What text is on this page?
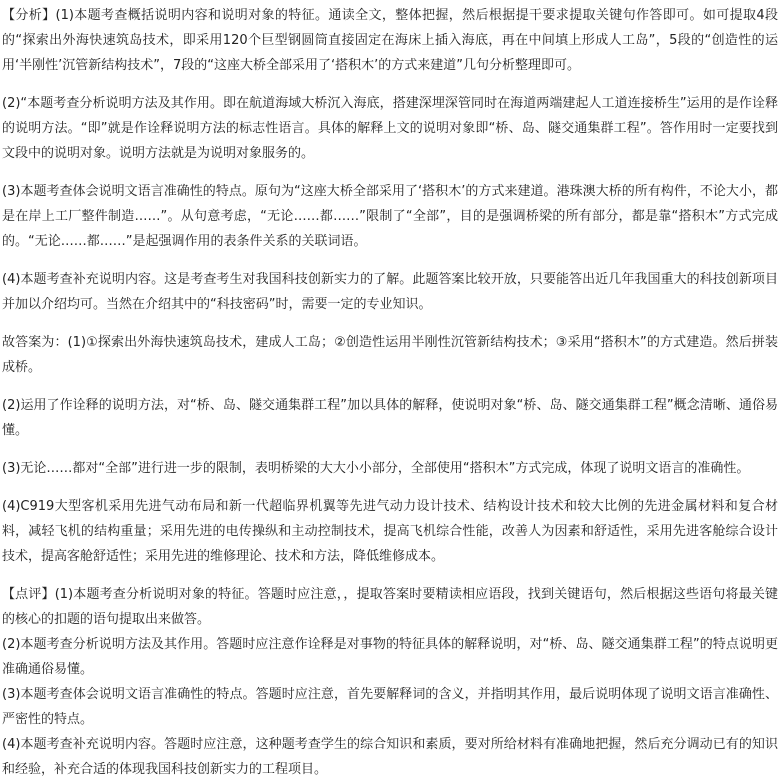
【分析】(1)本题考查概括说明内容和说明对象的特征。通读全文，整体把握，然后根据提干要求提取关键句作答即可。如可提取4段的“探索出外海快速筑岛技术，即采用120个巨型钢圆筒直接固定在海床上插入海底，再在中间填上形成人工岛”，5段的“创造性的运用‘半刚性’沉管新结构技术”，7段的“这座大桥全部采用了‘搭积木’的方式来建道”几句分析整理即可。

(2)“本题考查分析说明方法及其作用。即在航道海域大桥沉入海底，搭建深埋深管同时在海道两端建起人工道连接桥生”运用的是作诠释的说明方法。“即”就是作诠释说明方法的标志性语言。具体的解释上文的说明对象即“桥、岛、隧交通集群工程”。答作用时一定要找到文段中的说明对象。说明方法就是为说明对象服务的。

(3)本题考查体会说明文语言准确性的特点。原句为“这座大桥全部采用了‘搭积木’的方式来建道。港珠澳大桥的所有构件，不论大小，都是在岸上工厂整件制造……”。从句意考虑，“无论……都……”限制了“全部”，目的是强调桥梁的所有部分，都是靠“搭积木”方式完成的。“无论……都……”是起强调作用的表条件关系的关联词语。

(4)本题考查补充说明内容。这是考查考生对我国科技创新实力的了解。此题答案比较开放，只要能答出近几年我国重大的科技创新项目并加以介绍均可。当然在介绍其中的“科技密码”时，需要一定的专业知识。

故答案为：(1)①探索出外海快速筑岛技术，建成人工岛；②创造性运用半刚性沉管新结构技术；③采用“搭积木”的方式建造。然后拼装成桥。

(2)运用了作诠释的说明方法，对“桥、岛、隧交通集群工程”加以具体的解释，使说明对象“桥、岛、隧交通集群工程”概念清晰、通俗易懂。

(3)无论……都对“全部”进行进一步的限制，表明桥梁的大大小小部分，全部使用“搭积木”方式完成，体现了说明文语言的准确性。

(4)C919大型客机采用先进气动布局和新一代超临界机翼等先进气动力设计技术、结构设计技术和较大比例的先进金属材料和复合材料，减轻飞机的结构重量；采用先进的电传操纵和主动控制技术，提高飞机综合性能，改善人为因素和舒适性，采用先进客舱综合设计技术，提高客舱舒适性；采用先进的维修理论、技术和方法，降低维修成本。

【点评】(1)本题考查分析说明对象的特征。答题时应注意，，提取答案时要精读相应语段，找到关键语句，然后根据这些语句将最关键的核心的扣题的语句提取出来做答。

(2)本题考查分析说明方法及其作用。答题时应注意作诠释是对事物的特征具体的解释说明，对“桥、岛、隧交通集群工程”的特点说明更准确通俗易懂。

(3)本题考查体会说明文语言准确性的特点。答题时应注意，首先要解释词的含义，并指明其作用，最后说明体现了说明文语言准确性、严密性的特点。

(4)本题考查补充说明内容。答题时应注意，这种题考查学生的综合知识和素质，要对所给材料有准确地把握，然后充分调动已有的知识和经验，补充合适的体现我国科技创新实力的工程项目。
